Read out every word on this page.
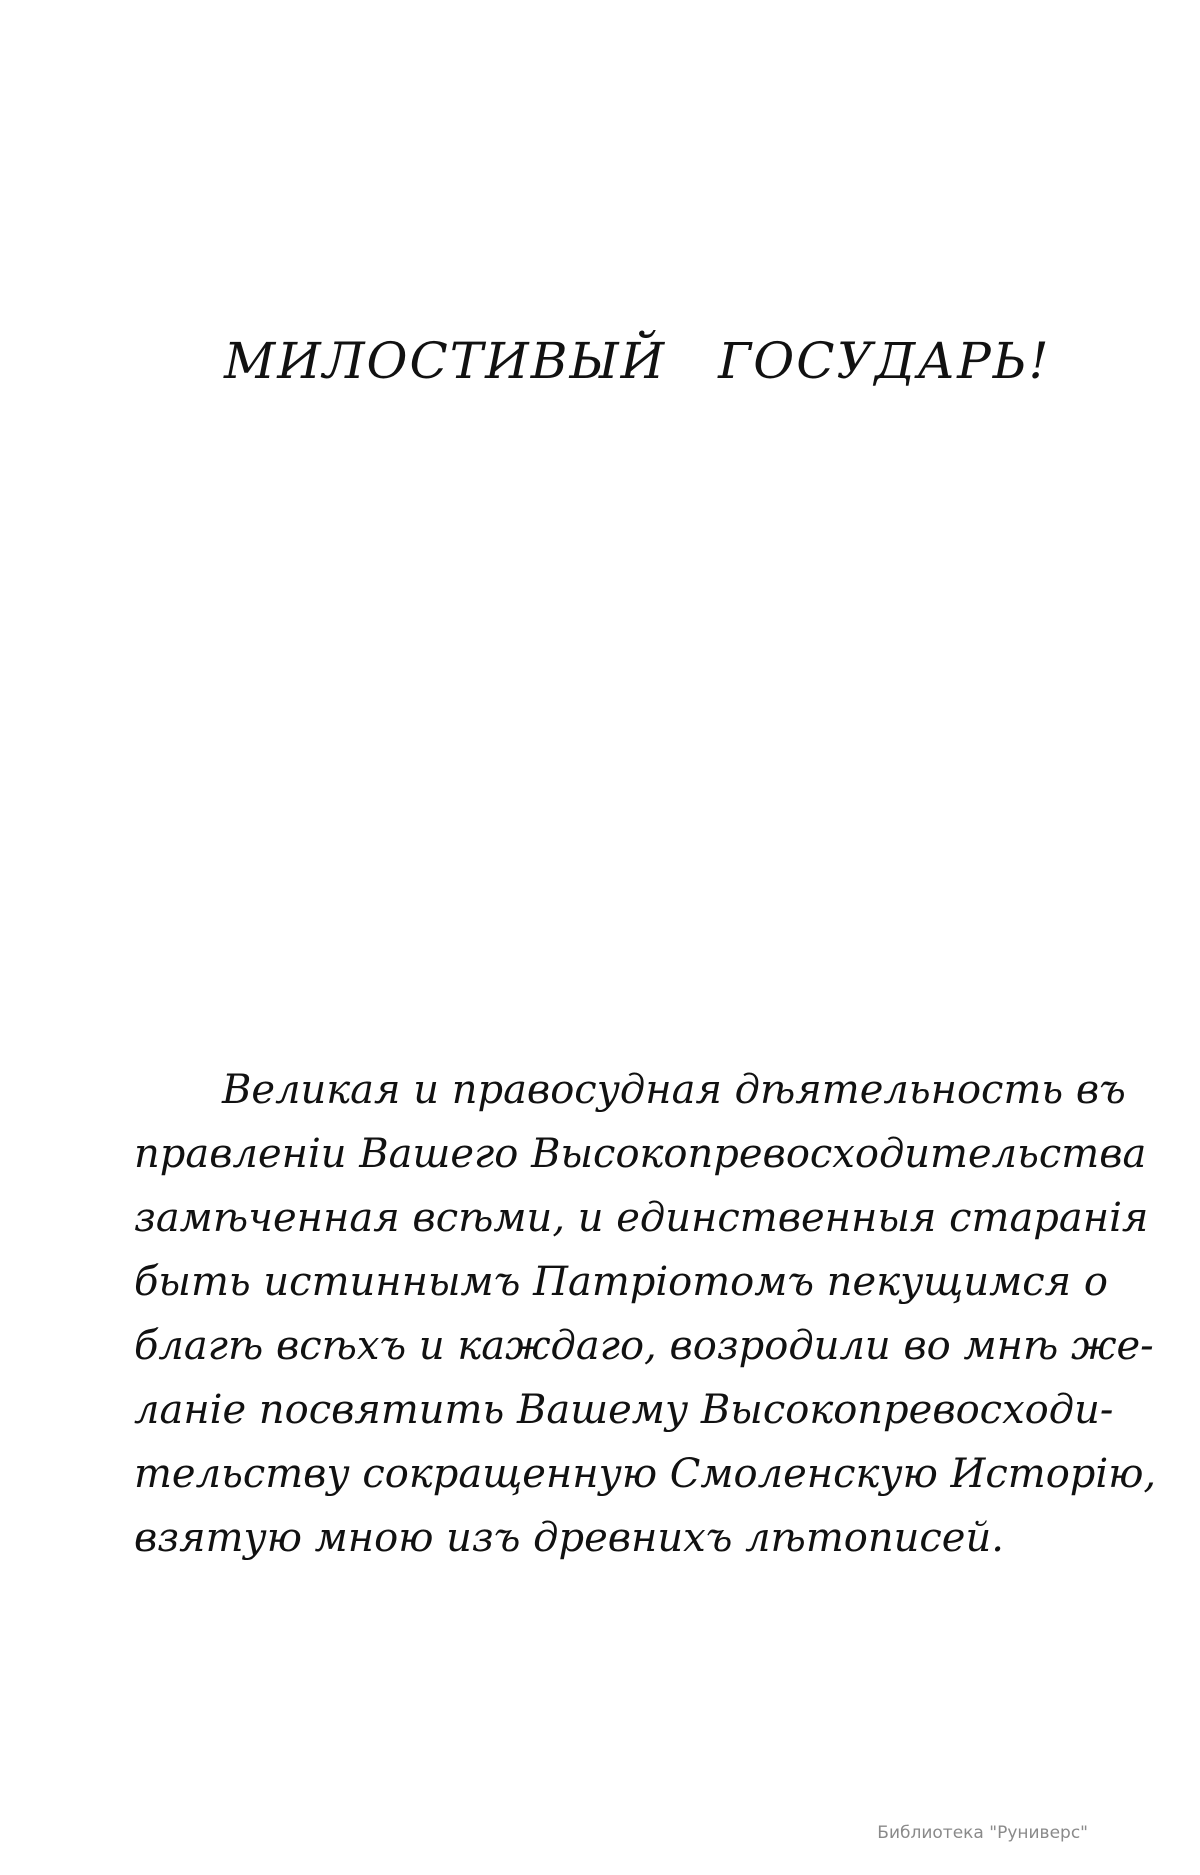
МИЛОСТИВЫЙ ГОСУДАРЬ!
Великая и правосудная дѣятельность въ
правленіи Вашего Высокопревосходительства
замѣченная всѣми, и единственныя старанія
быть истиннымъ Патріотомъ пекущимся о
благѣ всѣхъ и каждаго, возродили во мнѣ же-
ланіе посвятить Вашему Высокопревосходи-
тельству сокращенную Смоленскую Исторію,
взятую мною изъ древнихъ лѣтописей.
Библиотека "Руниверс"
